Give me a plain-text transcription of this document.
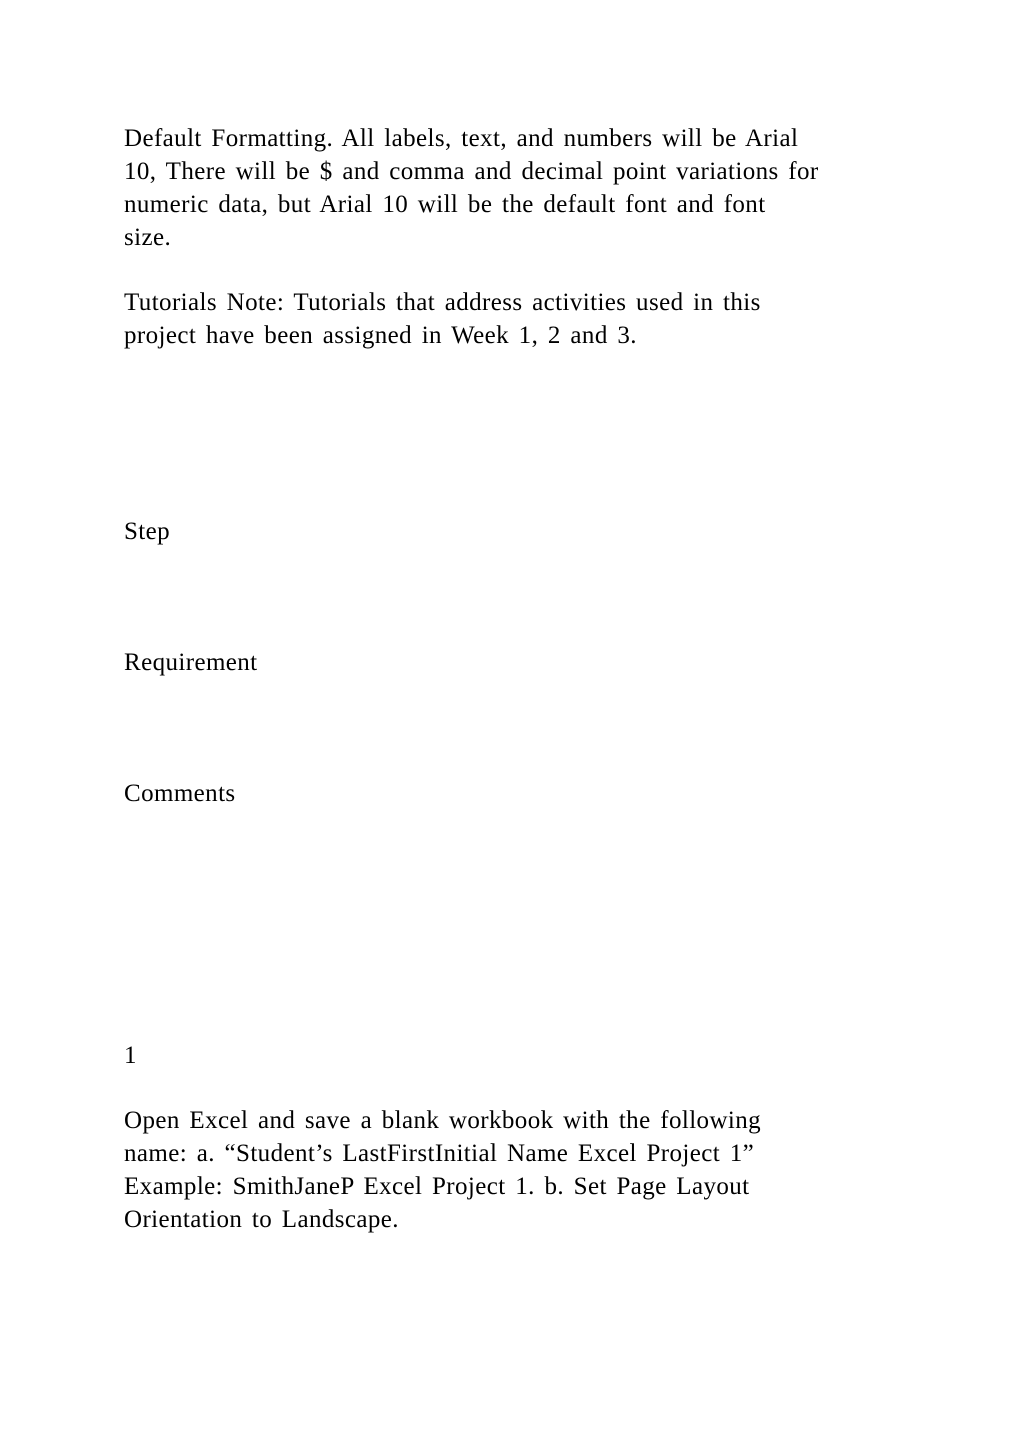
Default Formatting. All labels, text, and numbers will be Arial
10, There will be $ and comma and decimal point variations for
numeric data, but Arial 10 will be the default font and font
size.
Tutorials Note: Tutorials that address activities used in this
project have been assigned in Week 1, 2 and 3.
Step
Requirement
Comments
1
Open Excel and save a blank workbook with the following
name: a. “Student’s LastFirstInitial Name Excel Project 1”
Example: SmithJaneP Excel Project 1. b. Set Page Layout
Orientation to Landscape.
